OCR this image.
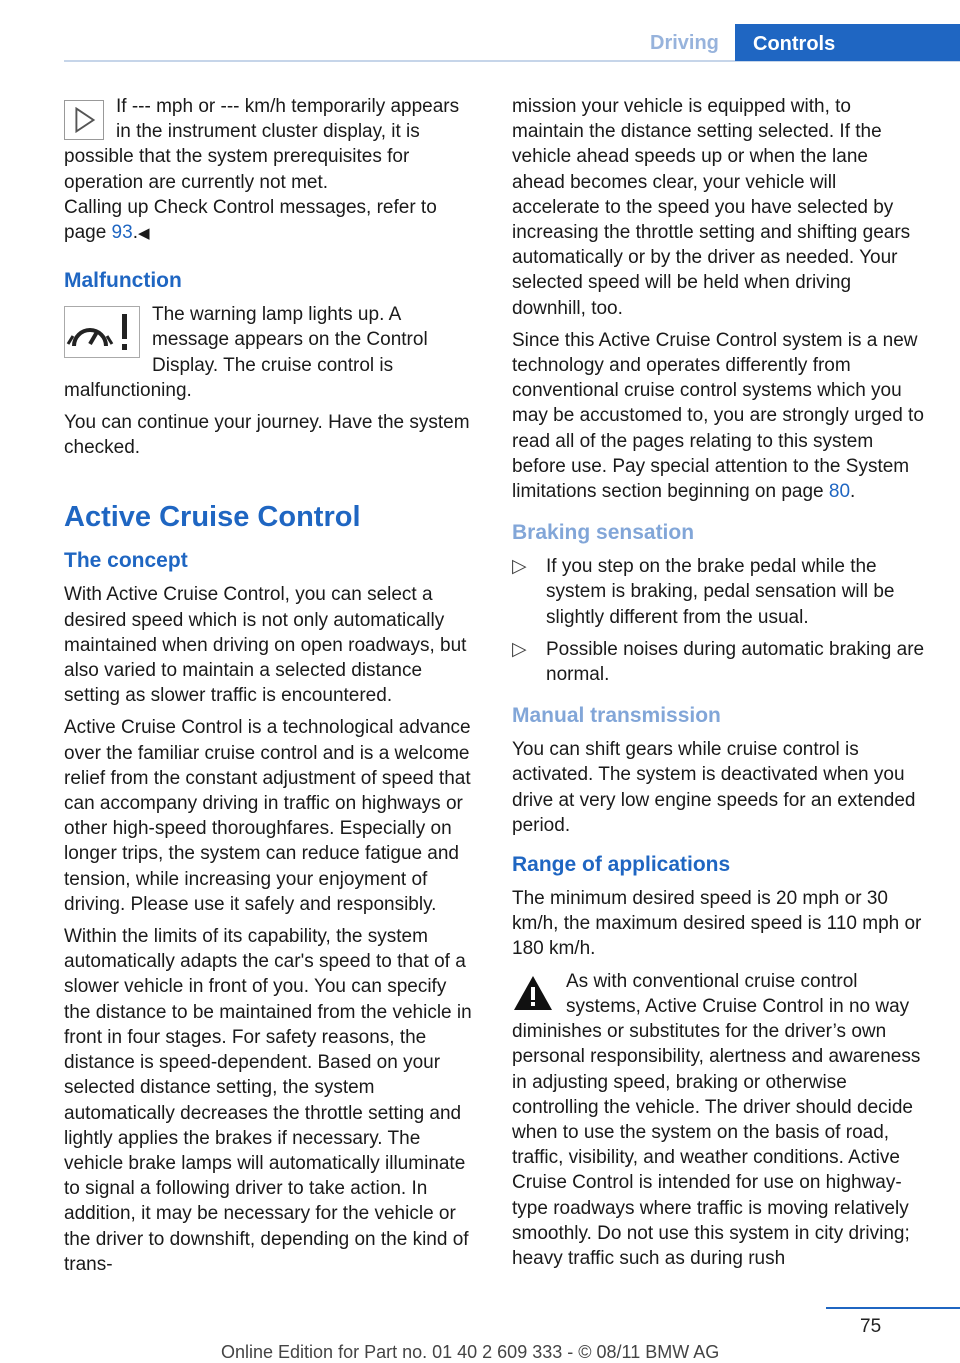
Driving	Controls

If --- mph or --- km/h temporarily appears in the instrument cluster display, it is possible that the system prerequisites for operation are currently not met.
Calling up Check Control messages, refer to page 93.◀

Malfunction

The warning lamp lights up. A message appears on the Control Display. The cruise control is malfunctioning.

You can continue your journey. Have the system checked.

Active Cruise Control
The concept

With Active Cruise Control, you can select a desired speed which is not only automatically maintained when driving on open roadways, but also varied to maintain a selected distance setting as slower traffic is encountered.

Active Cruise Control is a technological advance over the familiar cruise control and is a welcome relief from the constant adjustment of speed that can accompany driving in traffic on highways or other high-speed thoroughfares. Especially on longer trips, the system can reduce fatigue and tension, while increasing your enjoyment of driving. Please use it safely and responsibly.

Within the limits of its capability, the system automatically adapts the car's speed to that of a slower vehicle in front of you. You can specify the distance to be maintained from the vehicle in front in four stages. For safety reasons, the distance is speed-dependent. Based on your selected distance setting, the system automatically decreases the throttle setting and lightly applies the brakes if necessary. The vehicle brake lamps will automatically illuminate to signal a following driver to take action. In addition, it may be necessary for the vehicle or the driver to downshift, depending on the kind of trans-

mission your vehicle is equipped with, to maintain the distance setting selected. If the vehicle ahead speeds up or when the lane ahead becomes clear, your vehicle will accelerate to the speed you have selected by increasing the throttle setting and shifting gears automatically or by the driver as needed. Your selected speed will be held when driving downhill, too.

Since this Active Cruise Control system is a new technology and operates differently from conventional cruise control systems which you may be accustomed to, you are strongly urged to read all of the pages relating to this system before use. Pay special attention to the System limitations section beginning on page 80.

Braking sensation
▷ If you step on the brake pedal while the system is braking, pedal sensation will be slightly different from the usual.
▷ Possible noises during automatic braking are normal.
Manual transmission

You can shift gears while cruise control is activated. The system is deactivated when you drive at very low engine speeds for an extended period.

Range of applications

The minimum desired speed is 20 mph or 30 km/h, the maximum desired speed is 110 mph or 180 km/h.

As with conventional cruise control systems, Active Cruise Control in no way diminishes or substitutes for the driver’s own personal responsibility, alertness and awareness in adjusting speed, braking or otherwise controlling the vehicle. The driver should decide when to use the system on the basis of road, traffic, visibility, and weather conditions. Active Cruise Control is intended for use on highway-type roadways where traffic is moving relatively smoothly. Do not use this system in city driving; heavy traffic such as during rush

75
Online Edition for Part no. 01 40 2 609 333 - © 08/11 BMW AG
